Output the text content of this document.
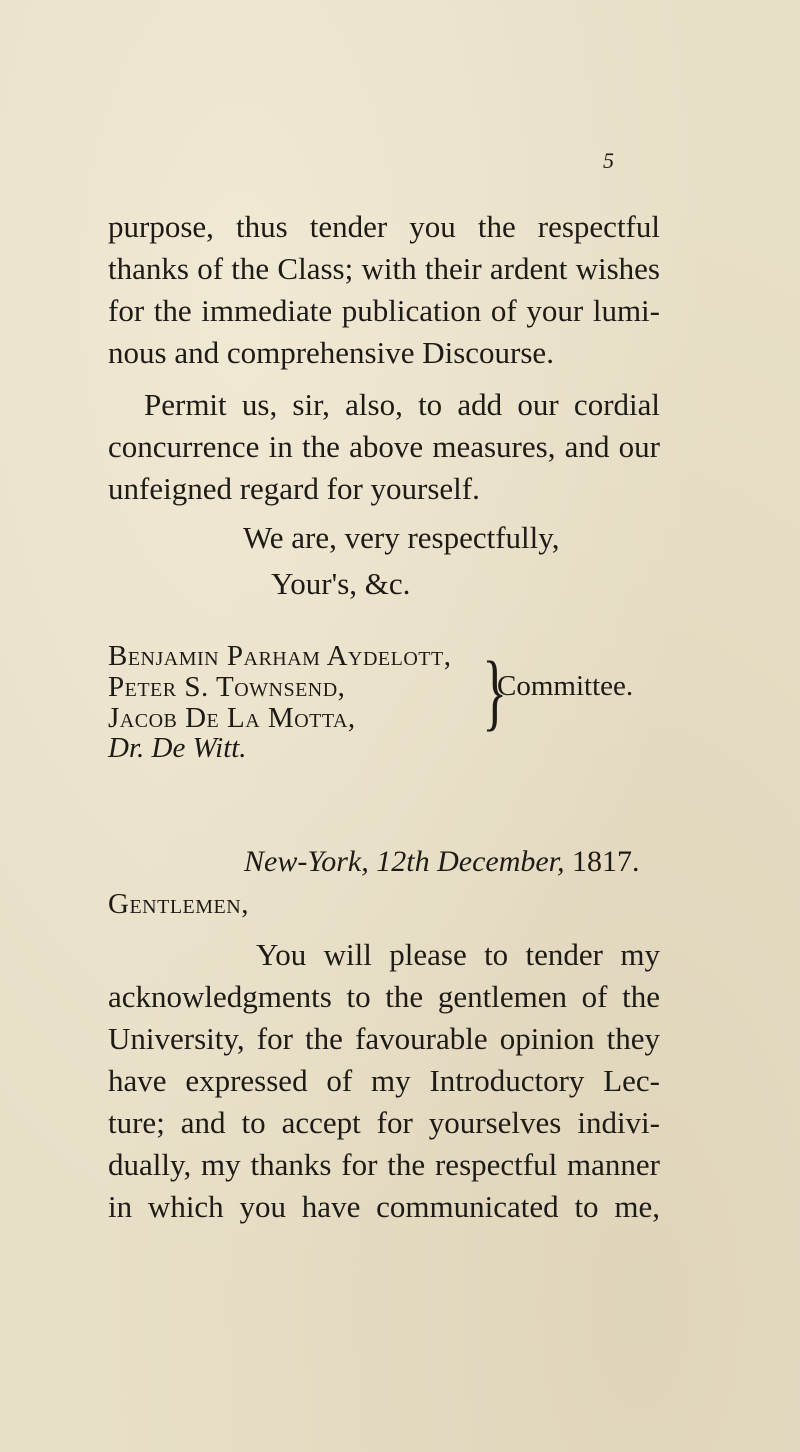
5
purpose, thus tender you the respectful
thanks of the Class; with their ardent wishes
for the immediate publication of your lumi-
nous and comprehensive Discourse.
Permit us, sir, also, to add our cordial
concurrence in the above measures, and our
unfeigned regard for yourself.
We are, very respectfully,
Your's, &c.
Benjamin Parham Aydelott,
Peter S. Townsend,
Jacob De La Motta, }
Committee.
Dr. De Witt.
New-York, 12th December, 1817.
Gentlemen,
You will please to tender my
acknowledgments to the gentlemen of the
University, for the favourable opinion they
have expressed of my Introductory Lec-
ture; and to accept for yourselves indivi-
dually, my thanks for the respectful manner
in which you have communicated to me,
